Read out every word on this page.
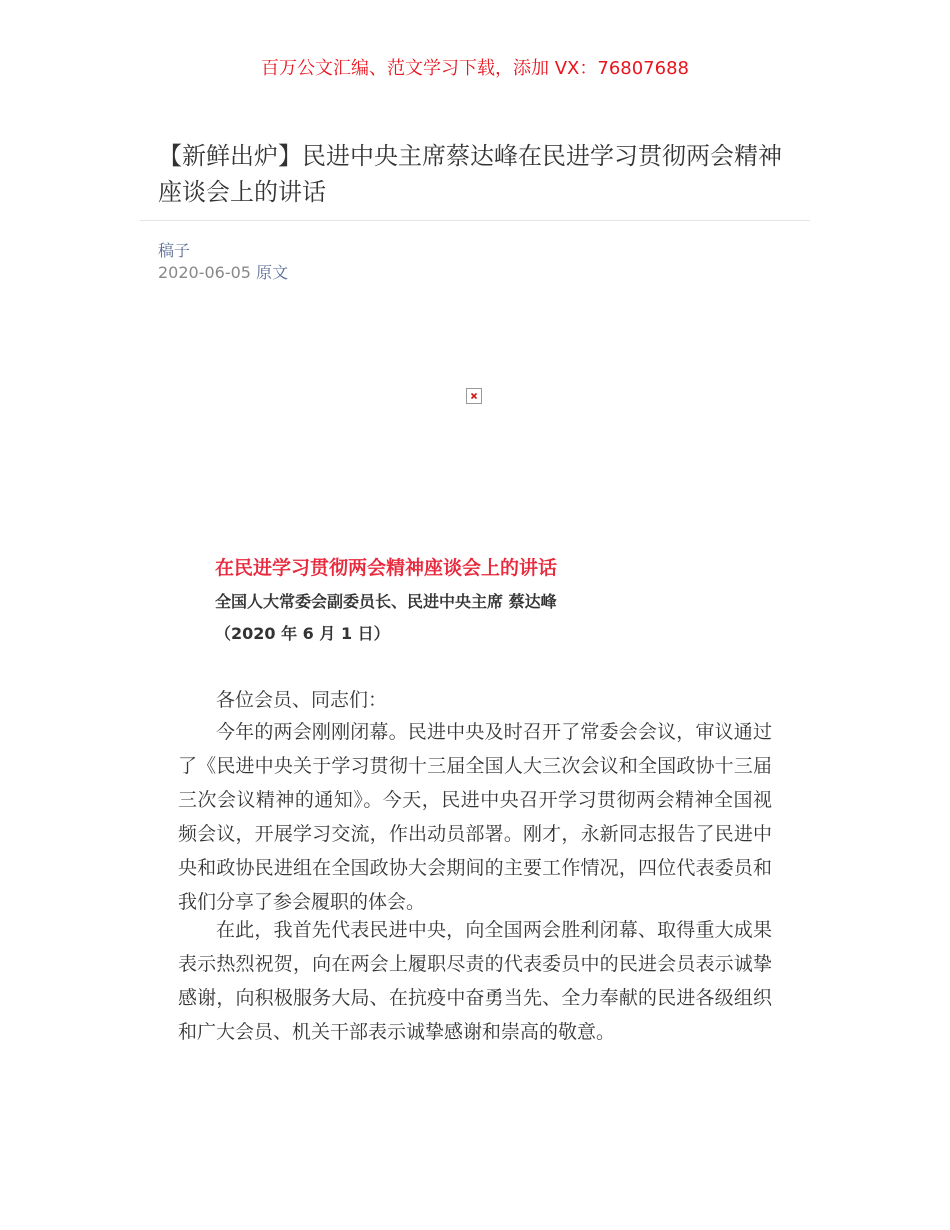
百万公文汇编、范文学习下载，添加 VX：76807688
【新鲜出炉】民进中央主席蔡达峰在民进学习贯彻两会精神座谈会上的讲话
稿子
2020-06-05 原文
在民进学习贯彻两会精神座谈会上的讲话
全国人大常委会副委员长、民进中央主席 蔡达峰
（2020 年 6 月 1 日）
各位会员、同志们：
今年的两会刚刚闭幕。民进中央及时召开了常委会会议，审议通过了《民进中央关于学习贯彻十三届全国人大三次会议和全国政协十三届三次会议精神的通知》。今天，民进中央召开学习贯彻两会精神全国视频会议，开展学习交流，作出动员部署。刚才，永新同志报告了民进中央和政协民进组在全国政协大会期间的主要工作情况，四位代表委员和我们分享了参会履职的体会。
在此，我首先代表民进中央，向全国两会胜利闭幕、取得重大成果表示热烈祝贺，向在两会上履职尽责的代表委员中的民进会员表示诚挚感谢，向积极服务大局、在抗疫中奋勇当先、全力奉献的民进各级组织和广大会员、机关干部表示诚挚感谢和崇高的敬意。
